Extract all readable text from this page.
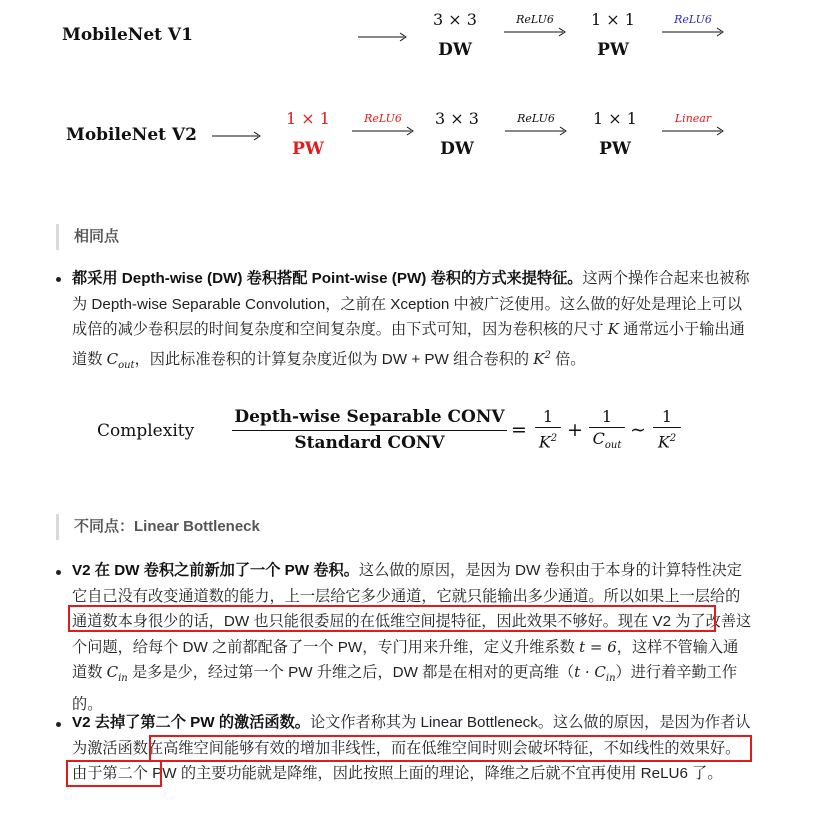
MobileNet V1
3 × 3
DW
ReLU6	1 × 1
PW
ReLU6
MobileNet V2
1 × 1
PW
ReLU6	3 × 3
DW
ReLU6	1 × 1
PW
Linear
相同点
都采用 Depth-wise (DW) 卷积搭配 Point-wise (PW) 卷积的方式来提特征。这两个操作合起来也被称为 Depth-wise Separable Convolution，之前在 Xception 中被广泛使用。这么做的好处是理论上可以成倍的减少卷积层的时间复杂度和空间复杂度。由下式可知，因为卷积核的尺寸 K 通常远小于输出通道数 $C_{out}$，因此标准卷积的计算复杂度近似为 DW + PW 组合卷积的 $K^2$ 倍。
Complexity
Depth-wise Separable CONV
Standard CONV
=
1
$K^2$ +
1
$C_{out}$
∼
1
$K^2$
不同点：Linear Bottleneck
V2 在 DW 卷积之前新加了一个 PW 卷积。这么做的原因，是因为 DW 卷积由于本身的计算特性决定它自己没有改变通道数的能力，上一层给它多少通道，它就只能输出多少通道。所以如果上一层给的通道数本身很少的话，DW 也只能很委屈的在低维空间提特征，因此效果不够好。现在 V2 为了改善这个问题，给每个 DW 之前都配备了一个 PW，专门用来升维，定义升维系数 t = 6，这样不管输入通道数 $C_{in}$ 是多是少，经过第一个 PW 升维之后，DW 都是在相对的更高维$(t \cdot C_{in})$进行着辛勤工作的。
V2 去掉了第二个 PW 的激活函数。论文作者称其为 Linear Bottleneck。这么做的原因，是因为作者认为激活函数在高维空间能够有效的增加非线性，而在低维空间时则会破坏特征，不如线性的效果好。由于第二个 PW 的主要功能就是降维，因此按照上面的理论，降维之后就不宜再使用 ReLU6 了。
